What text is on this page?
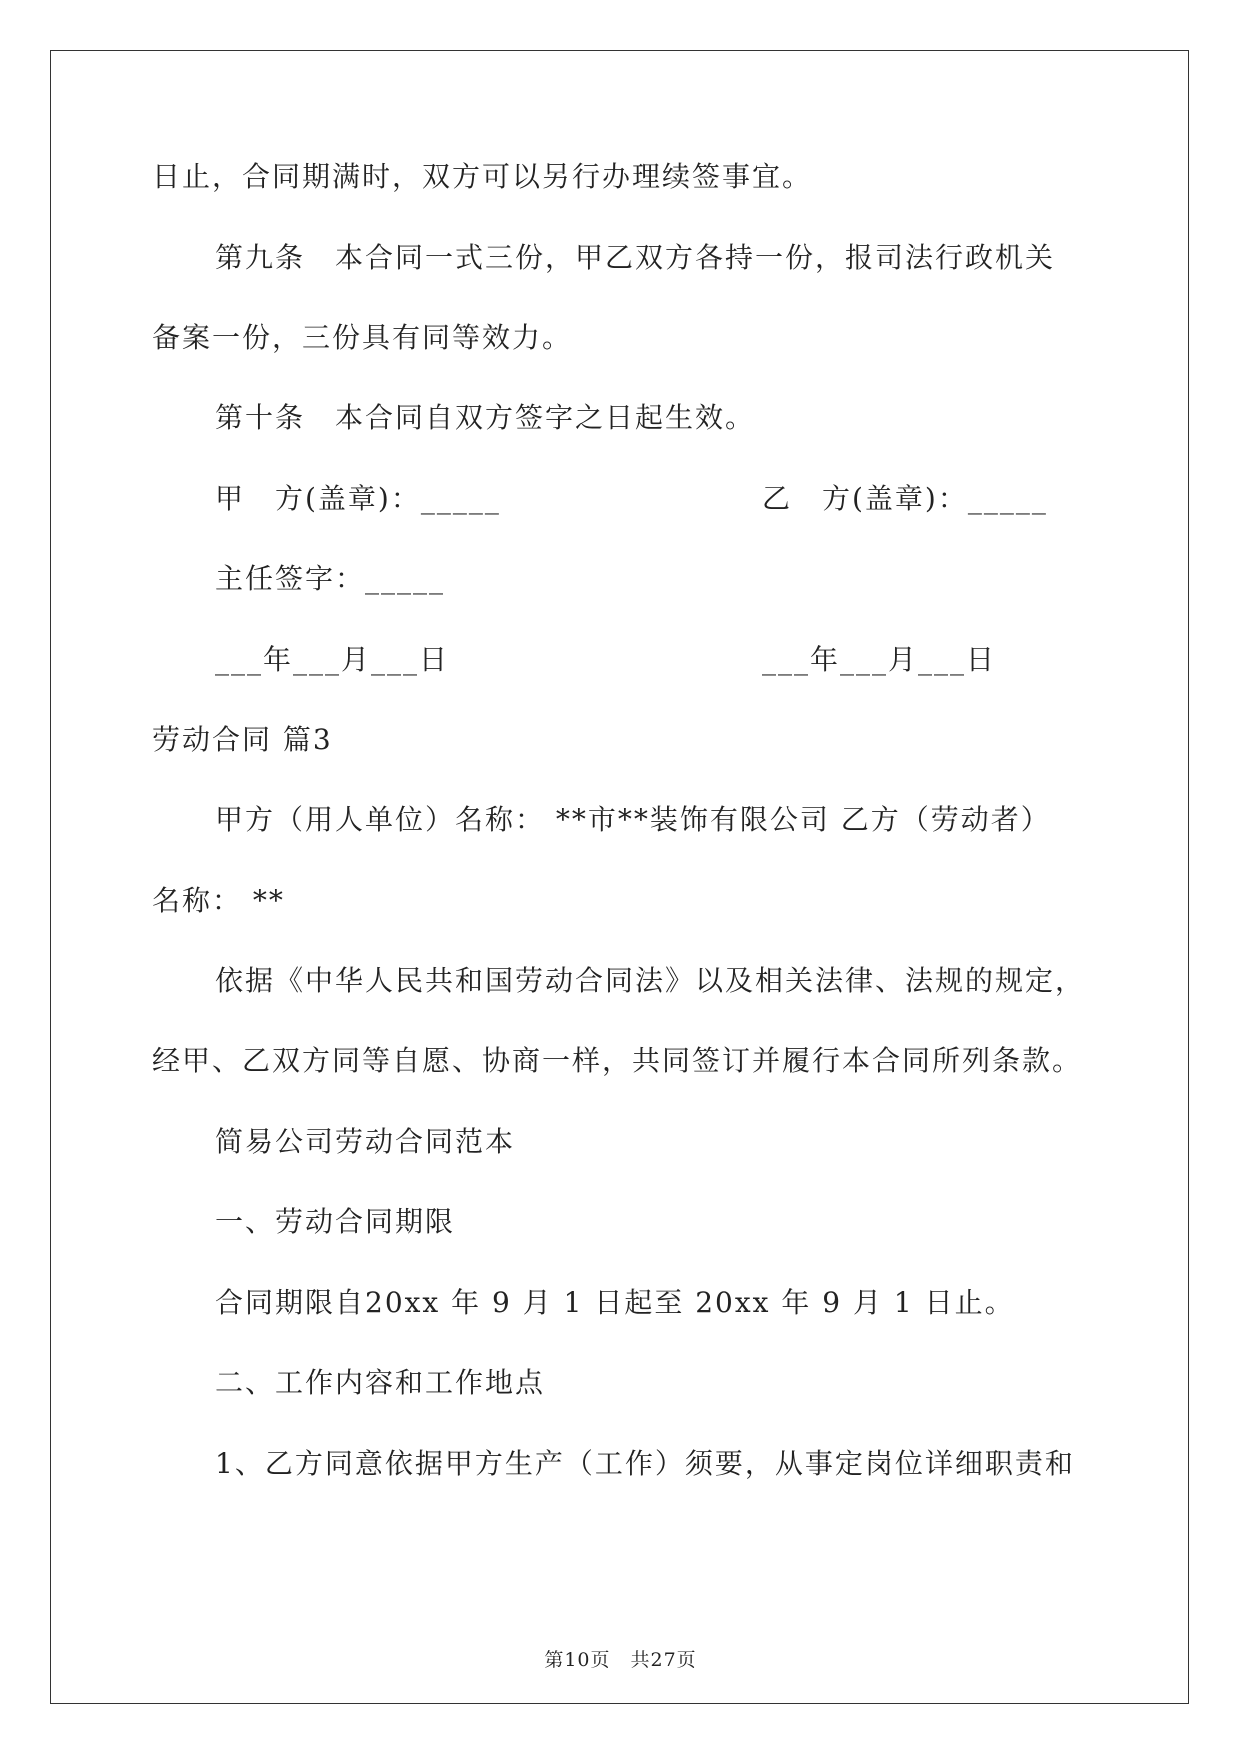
日止，合同期满时，双方可以另行办理续签事宜。
第九条　本合同一式三份，甲乙双方各持一份，报司法行政机关
备案一份，三份具有同等效力。
第十条　本合同自双方签字之日起生效。
甲　方(盖章)：_____	乙　方(盖章)：_____
主任签字：_____
___年___月___日	___年___月___日
劳动合同 篇3
甲方（用人单位）名称： **市**装饰有限公司 乙方（劳动者）
名称： **
依据《中华人民共和国劳动合同法》以及相关法律、法规的规定，
经甲、乙双方同等自愿、协商一样，共同签订并履行本合同所列条款。
简易公司劳动合同范本
一、劳动合同期限
合同期限自20xx 年 9 月 1 日起至 20xx 年 9 月 1 日止。
二、工作内容和工作地点
1、乙方同意依据甲方生产（工作）须要，从事定岗位详细职责和
第10页　共27页
